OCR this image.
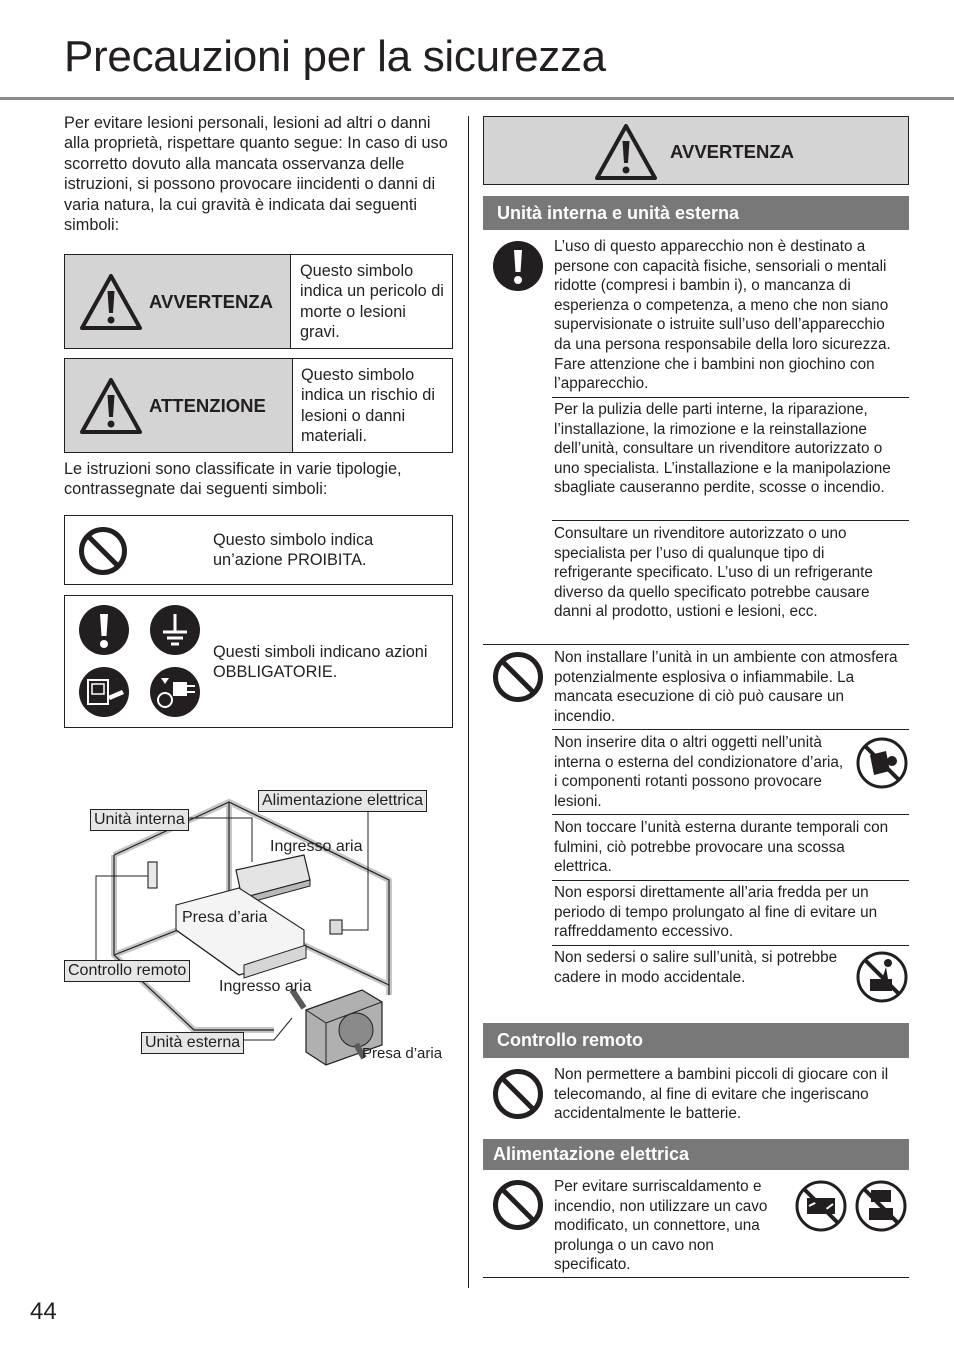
Precauzioni per la sicurezza
Per evitare lesioni personali, lesioni ad altri o danni alla proprietà, rispettare quanto segue: In caso di uso scorretto dovuto alla mancata osservanza delle istruzioni, si possono provocare iincidenti o danni di varia natura, la cui gravità è indicata dai seguenti simboli:
AVVERTENZA
Questo simbolo indica un pericolo di morte o lesioni gravi.
ATTENZIONE
Questo simbolo indica un rischio di lesioni o danni materiali.
Le istruzioni sono classificate in varie tipologie, contrassegnate dai seguenti simboli:
Questo simbolo indica un’azione PROIBITA.
Questi simboli indicano azioni OBBLIGATORIE.
Alimentazione elettrica
Unità interna
Ingresso aria
Presa d’aria
Controllo remoto
Ingresso aria
Unità esterna
Presa d’aria
AVVERTENZA
Unità interna e unità esterna
L’uso di questo apparecchio non è destinato a persone con capacità fisiche, sensoriali o mentali ridotte (compresi i bambin i), o mancanza di esperienza o competenza, a meno che non siano supervisionate o istruite sull’uso dell’apparecchio da una persona responsabile della loro sicurezza. Fare attenzione che i bambini non giochino con l’apparecchio.
Per la pulizia delle parti interne, la riparazione, l’installazione, la rimozione e la reinstallazione dell’unità, consultare un rivenditore autorizzato o uno specialista. L’installazione e la manipolazione sbagliate causeranno perdite, scosse o incendio.
Consultare un rivenditore autorizzato o uno specialista per l’uso di qualunque tipo di refrigerante specificato. L’uso di un refrigerante diverso da quello specificato potrebbe causare danni al prodotto, ustioni e lesioni, ecc.
Non installare l’unità in un ambiente con atmosfera potenzialmente esplosiva o infiammabile. La mancata esecuzione di ciò può causare un incendio.
Non inserire dita o altri oggetti nell’unità interna o esterna del condizionatore d’aria, i componenti rotanti possono provocare lesioni.
Non toccare l’unità esterna durante temporali con fulmini, ciò potrebbe provocare una scossa elettrica.
Non esporsi direttamente all’aria fredda per un periodo di tempo prolungato al fine di evitare un raffreddamento eccessivo.
Non sedersi o salire sull’unità, si potrebbe cadere in modo accidentale.
Controllo remoto
Non permettere a bambini piccoli di giocare con il telecomando, al fine di evitare che ingeriscano accidentalmente le batterie.
Alimentazione elettrica
Per evitare surriscaldamento e incendio, non utilizzare un cavo modificato, un connettore, una prolunga o un cavo non specificato.
44
